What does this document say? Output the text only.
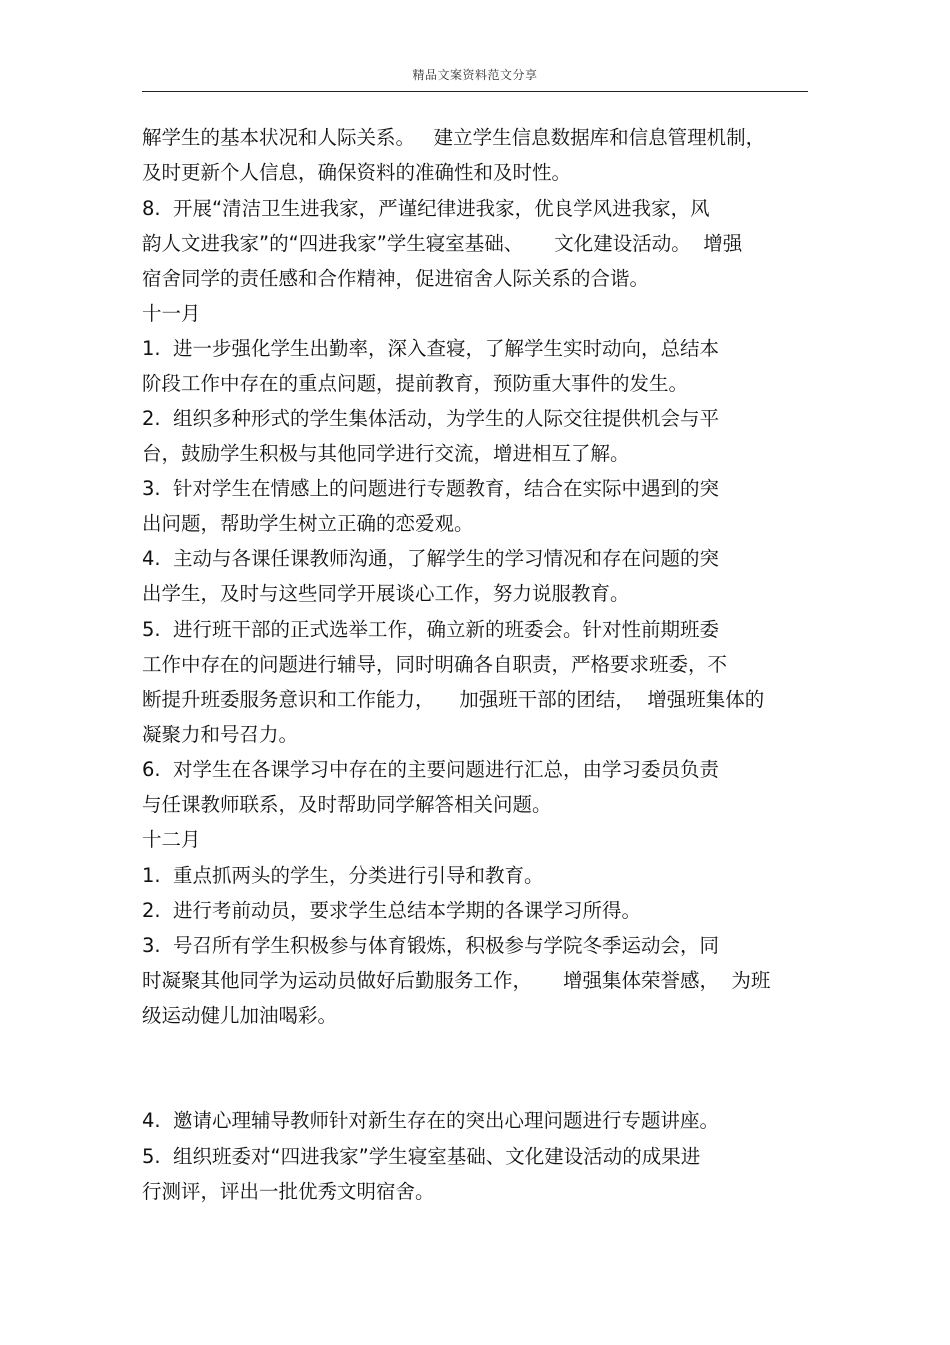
精品文案资料范文分享
解学生的基本状况和人际关系。   建立学生信息数据库和信息管理机制，
及时更新个人信息，确保资料的准确性和及时性。
8.  开展“清洁卫生进我家，严谨纪律进我家，优良学风进我家，风
韵人文进我家”的“四进我家”学生寝室基础、     文化建设活动。  增强
宿舍同学的责任感和合作精神，促进宿舍人际关系的合谐。
十一月
1.  进一步强化学生出勤率，深入查寝，了解学生实时动向，总结本
阶段工作中存在的重点问题，提前教育，预防重大事件的发生。
2.  组织多种形式的学生集体活动，为学生的人际交往提供机会与平
台，鼓励学生积极与其他同学进行交流，增进相互了解。
3.  针对学生在情感上的问题进行专题教育，结合在实际中遇到的突
出问题，帮助学生树立正确的恋爱观。
4.  主动与各课任课教师沟通，了解学生的学习情况和存在问题的突
出学生，及时与这些同学开展谈心工作，努力说服教育。
5.  进行班干部的正式选举工作，确立新的班委会。针对性前期班委
工作中存在的问题进行辅导，同时明确各自职责，严格要求班委，不
断提升班委服务意识和工作能力，    加强班干部的团结，  增强班集体的
凝聚力和号召力。
6.  对学生在各课学习中存在的主要问题进行汇总，由学习委员负责
与任课教师联系，及时帮助同学解答相关问题。
十二月
1.  重点抓两头的学生，分类进行引导和教育。
2.  进行考前动员，要求学生总结本学期的各课学习所得。
3.  号召所有学生积极参与体育锻炼，积极参与学院冬季运动会，同
时凝聚其他同学为运动员做好后勤服务工作，     增强集体荣誉感，  为班
级运动健儿加油喝彩。
4.  邀请心理辅导教师针对新生存在的突出心理问题进行专题讲座。
5.  组织班委对“四进我家”学生寝室基础、文化建设活动的成果进
行测评，评出一批优秀文明宿舍。
